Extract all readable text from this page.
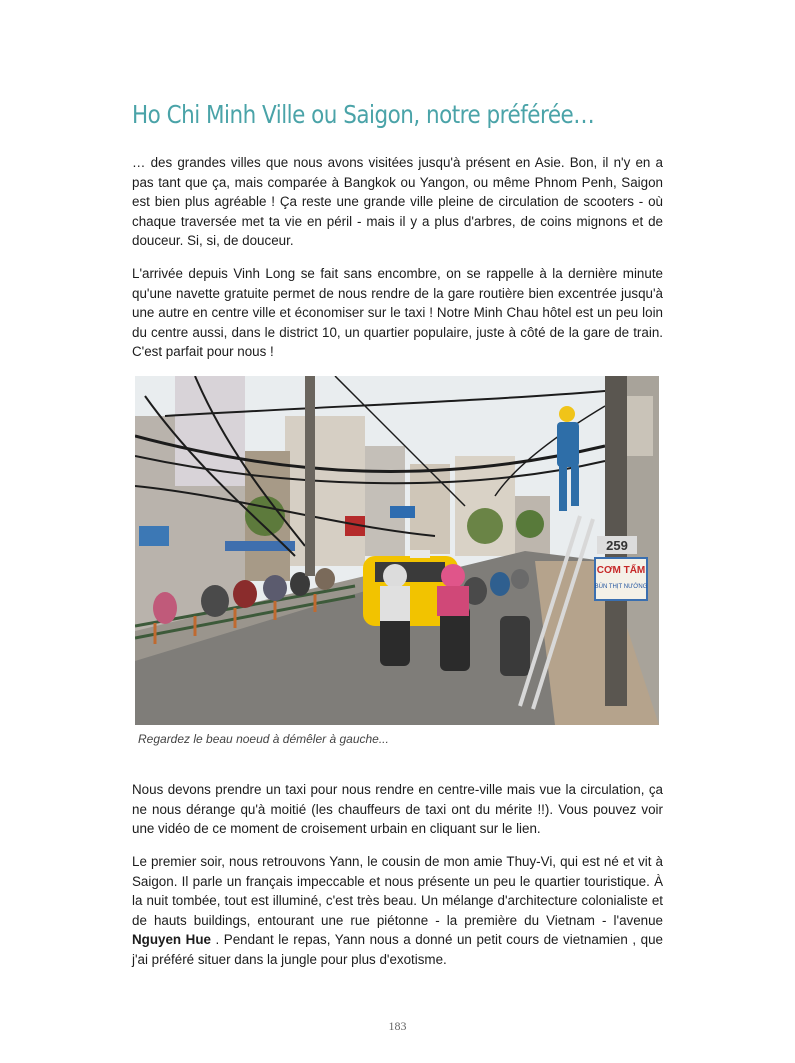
Ho Chi Minh Ville ou Saigon, notre préférée…

… des grandes villes que nous avons visitées jusqu'à présent en Asie. Bon, il n'y en a pas tant que ça, mais comparée à Bangkok ou Yangon, ou même Phnom Penh, Saigon est bien plus agréable ! Ça reste une grande ville pleine de circulation de scooters - où chaque traversée met ta vie en péril - mais il y a plus d'arbres, de coins mignons et de douceur. Si, si, de douceur.

L'arrivée depuis Vinh Long se fait sans encombre, on se rappelle à la dernière minute qu'une navette gratuite permet de nous rendre de la gare routière bien excentrée jusqu'à une autre en centre ville et économiser sur le taxi ! Notre Minh Chau hôtel est un peu loin du centre aussi, dans le district 10, un quartier populaire, juste à côté de la gare de train. C'est parfait pour nous !

CƠM TẤM
BÚN THỊT NƯỚNG
259

Regardez le beau noeud à démêler à gauche...

Nous devons prendre un taxi pour nous rendre en centre-ville mais vue la circulation, ça ne nous dérange qu'à moitié (les chauffeurs de taxi ont du mérite !!). Vous pouvez voir une vidéo de ce moment de croisement urbain en cliquant sur le lien.

Le premier soir, nous retrouvons Yann, le cousin de mon amie Thuy-Vi, qui est né et vit à Saigon. Il parle un français impeccable et nous présente un peu le quartier touristique. À la nuit tombée, tout est illuminé, c'est très beau. Un mélange d'architecture colonialiste et de hauts buildings, entourant une rue piétonne - la première du Vietnam - l'avenue Nguyen Hue . Pendant le repas, Yann nous a donné un petit cours de vietnamien , que j'ai préféré situer dans la jungle pour plus d'exotisme.

183
